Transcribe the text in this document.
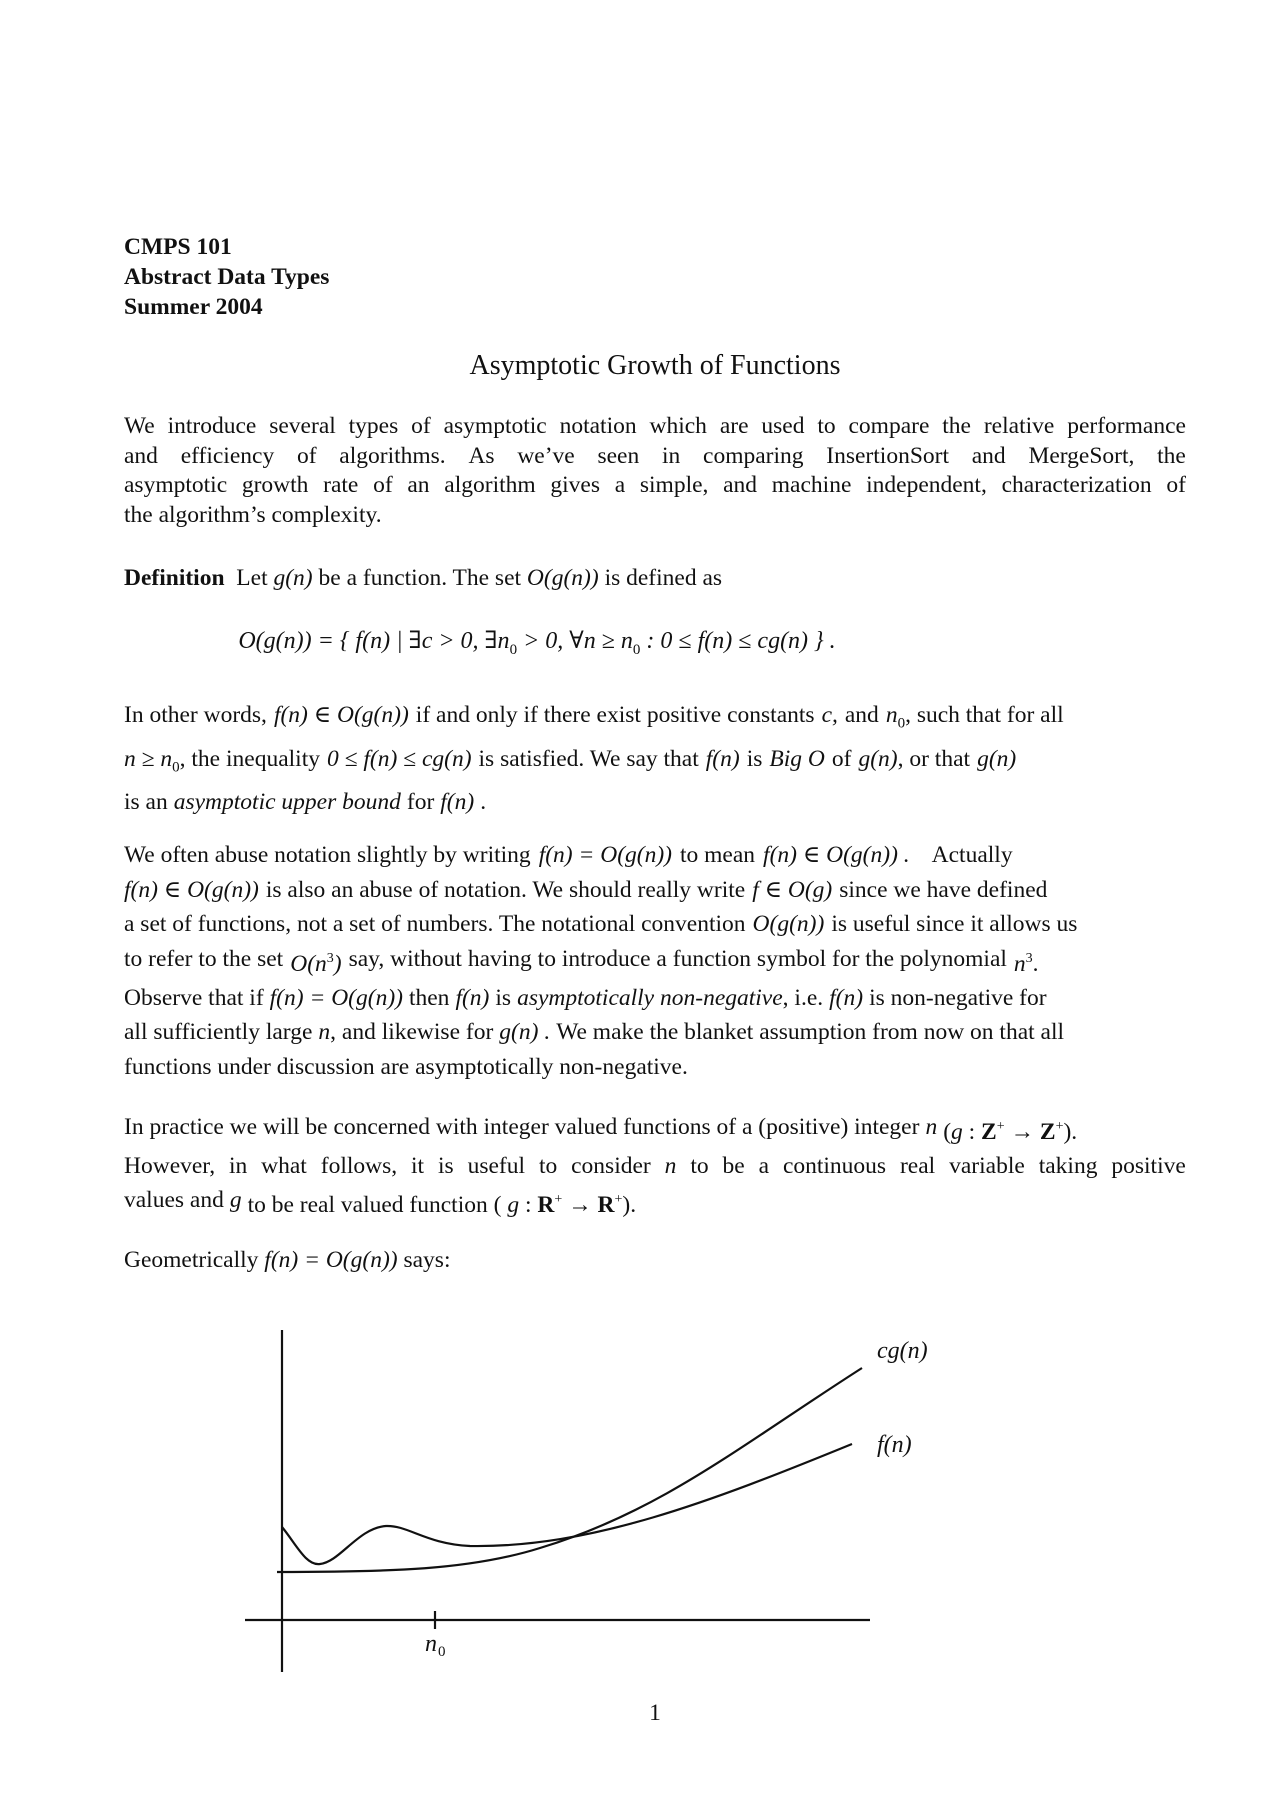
CMPS 101
Abstract Data Types
Summer 2004
Asymptotic Growth of Functions
We introduce several types of asymptotic notation which are used to compare the relative performance
and efficiency of algorithms. As we’ve seen in comparing InsertionSort and MergeSort, the
asymptotic growth rate of an algorithm gives a simple, and machine independent, characterization of
the algorithm’s complexity.
Definition Let g(n) be a function. The set O(g(n)) is defined as
O(g(n)) = { f(n) | ∃c > 0, $\exists n_0 > 0$, ∀n ≥ $n_0$ : 0 ≤ f(n) ≤ cg(n) } .
In other words, f(n) ∈ O(g(n)) if and only if there exist positive constants c, and $n_0$, such that for all
$n \ge n_0$, the inequality 0 ≤ f(n) ≤ cg(n) is satisfied. We say that f(n) is Big O of g(n), or that g(n)
is an asymptotic upper bound for f(n) .
We often abuse notation slightly by writing f(n) = O(g(n)) to mean f(n) ∈ O(g(n)) . Actually
f(n) ∈ O(g(n)) is also an abuse of notation. We should really write f ∈ O(g) since we have defined
a set of functions, not a set of numbers. The notational convention O(g(n)) is useful since it allows us
to refer to the set $O(n^3)$ say, without having to introduce a function symbol for the polynomial $n^3$.
Observe that if f(n) = O(g(n)) then f(n) is asymptotically non-negative, i.e. f(n) is non-negative for
all sufficiently large n, and likewise for g(n) . We make the blanket assumption from now on that all
functions under discussion are asymptotically non-negative.
In practice we will be concerned with integer valued functions of a (positive) integer n (g : Z+ → Z+).
However, in what follows, it is useful to consider n to be a continuous real variable taking positive
values and g to be real valued function ( g : R+ → R+).
Geometrically f(n) = O(g(n)) says:
cg(n)
f(n)
n 0
1
